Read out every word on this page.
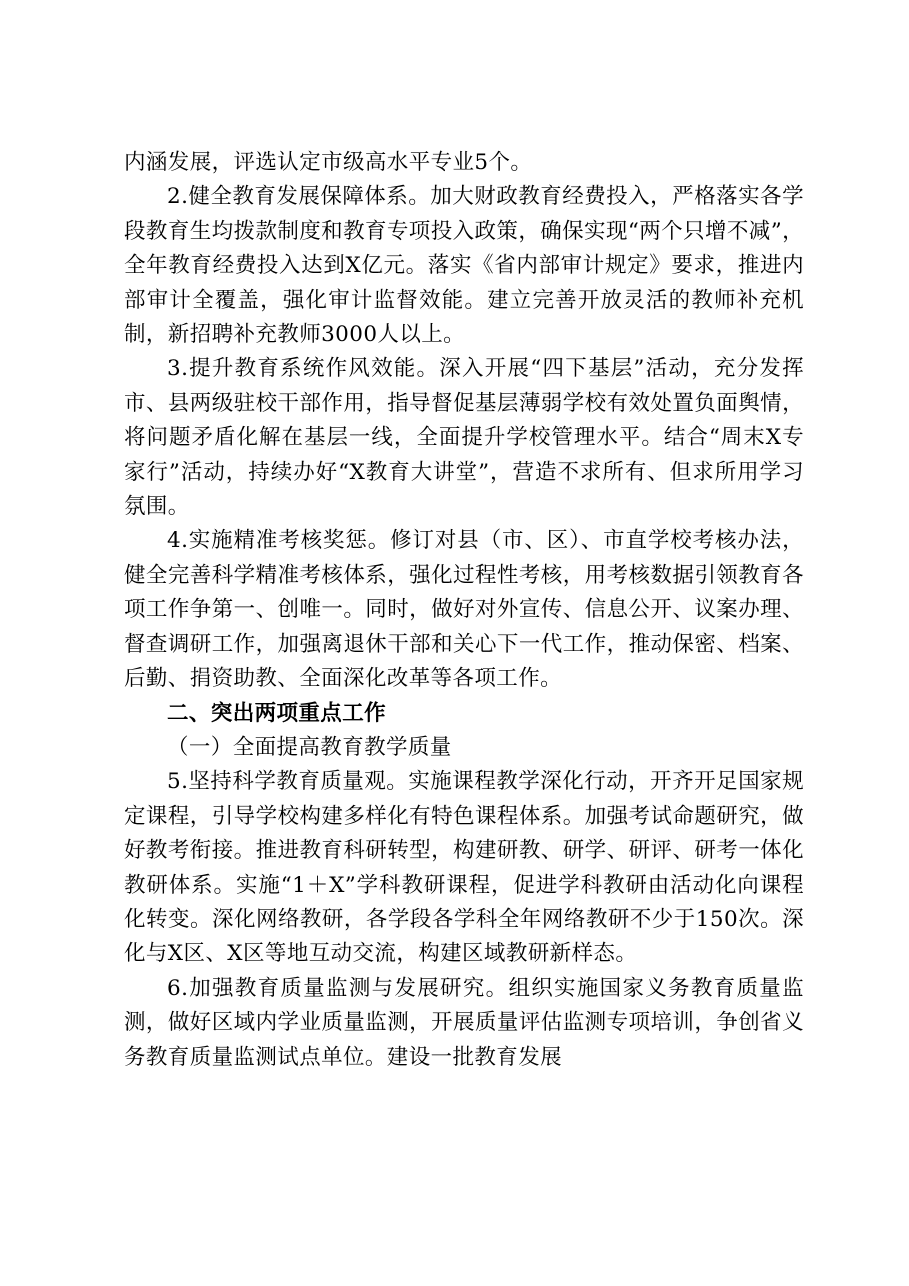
内涵发展，评选认定市级高水平专业5个。

2.健全教育发展保障体系。加大财政教育经费投入，严格落实各学段教育生均拨款制度和教育专项投入政策，确保实现“两个只增不减”，全年教育经费投入达到X亿元。落实《省内部审计规定》要求，推进内部审计全覆盖，强化审计监督效能。建立完善开放灵活的教师补充机制，新招聘补充教师3000人以上。

3.提升教育系统作风效能。深入开展“四下基层”活动，充分发挥市、县两级驻校干部作用，指导督促基层薄弱学校有效处置负面舆情，将问题矛盾化解在基层一线，全面提升学校管理水平。结合“周末X专家行”活动，持续办好“X教育大讲堂”，营造不求所有、但求所用学习氛围。

4.实施精准考核奖惩。修订对县（市、区）、市直学校考核办法，健全完善科学精准考核体系，强化过程性考核，用考核数据引领教育各项工作争第一、创唯一。同时，做好对外宣传、信息公开、议案办理、督查调研工作，加强离退休干部和关心下一代工作，推动保密、档案、后勤、捐资助教、全面深化改革等各项工作。

二、突出两项重点工作

（一）全面提高教育教学质量

5.坚持科学教育质量观。实施课程教学深化行动，开齐开足国家规定课程，引导学校构建多样化有特色课程体系。加强考试命题研究，做好教考衔接。推进教育科研转型，构建研教、研学、研评、研考一体化教研体系。实施“1＋X”学科教研课程，促进学科教研由活动化向课程化转变。深化网络教研，各学段各学科全年网络教研不少于150次。深化与X区、X区等地互动交流，构建区域教研新样态。

6.加强教育质量监测与发展研究。组织实施国家义务教育质量监测，做好区域内学业质量监测，开展质量评估监测专项培训，争创省义务教育质量监测试点单位。建设一批教育发展
